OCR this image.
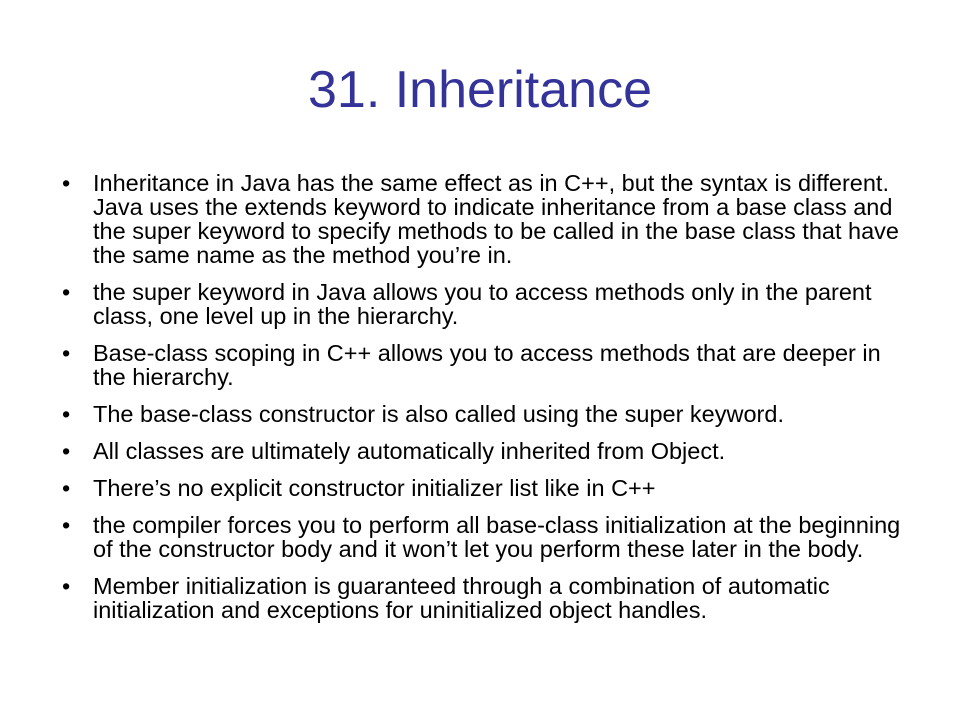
31. Inheritance
• Inheritance in Java has the same effect as in C++, but the syntax is different. Java uses the extends keyword to indicate inheritance from a base class and the super keyword to specify methods to be called in the base class that have the same name as the method you’re in.
• the super keyword in Java allows you to access methods only in the parent class, one level up in the hierarchy.
• Base-class scoping in C++ allows you to access methods that are deeper in the hierarchy.
• The base-class constructor is also called using the super keyword.
• All classes are ultimately automatically inherited from Object.
• There’s no explicit constructor initializer list like in C++
• the compiler forces you to perform all base-class initialization at the beginning of the constructor body and it won’t let you perform these later in the body.
• Member initialization is guaranteed through a combination of automatic initialization and exceptions for uninitialized object handles.
